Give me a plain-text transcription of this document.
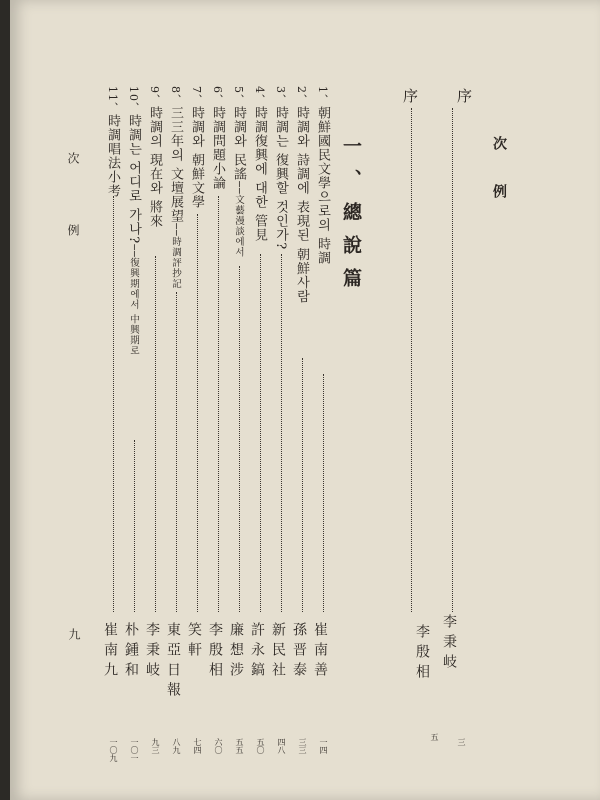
次　例
序
李秉岐
三
序
李殷相
五
一、總說篇
1、朝鮮國民文學으로의 時調
崔南善
一四
2、時調와 詩調에 表現된 朝鮮사람
孫晋泰
三三
3、時調는 復興할 것인가?
新民社
四八
4、時調復興에 대한 管見
許永鎬
五〇
5、時調와 民謠──文藝漫談에서
廉想涉
五五
6、時調問題小論
李殷相
六〇
7、時調와 朝鮮文學
笑軒
七四
8、三三年의 文壇展望──時調評抄記
東亞日報
八九
9、時調의 現在와 將來
李秉岐
九三
10、時調는 어디로 가나?──復興期에서 中興期로
朴鍾和
一〇一
11、時調唱法小考
崔南九
一〇九
次　例
九
